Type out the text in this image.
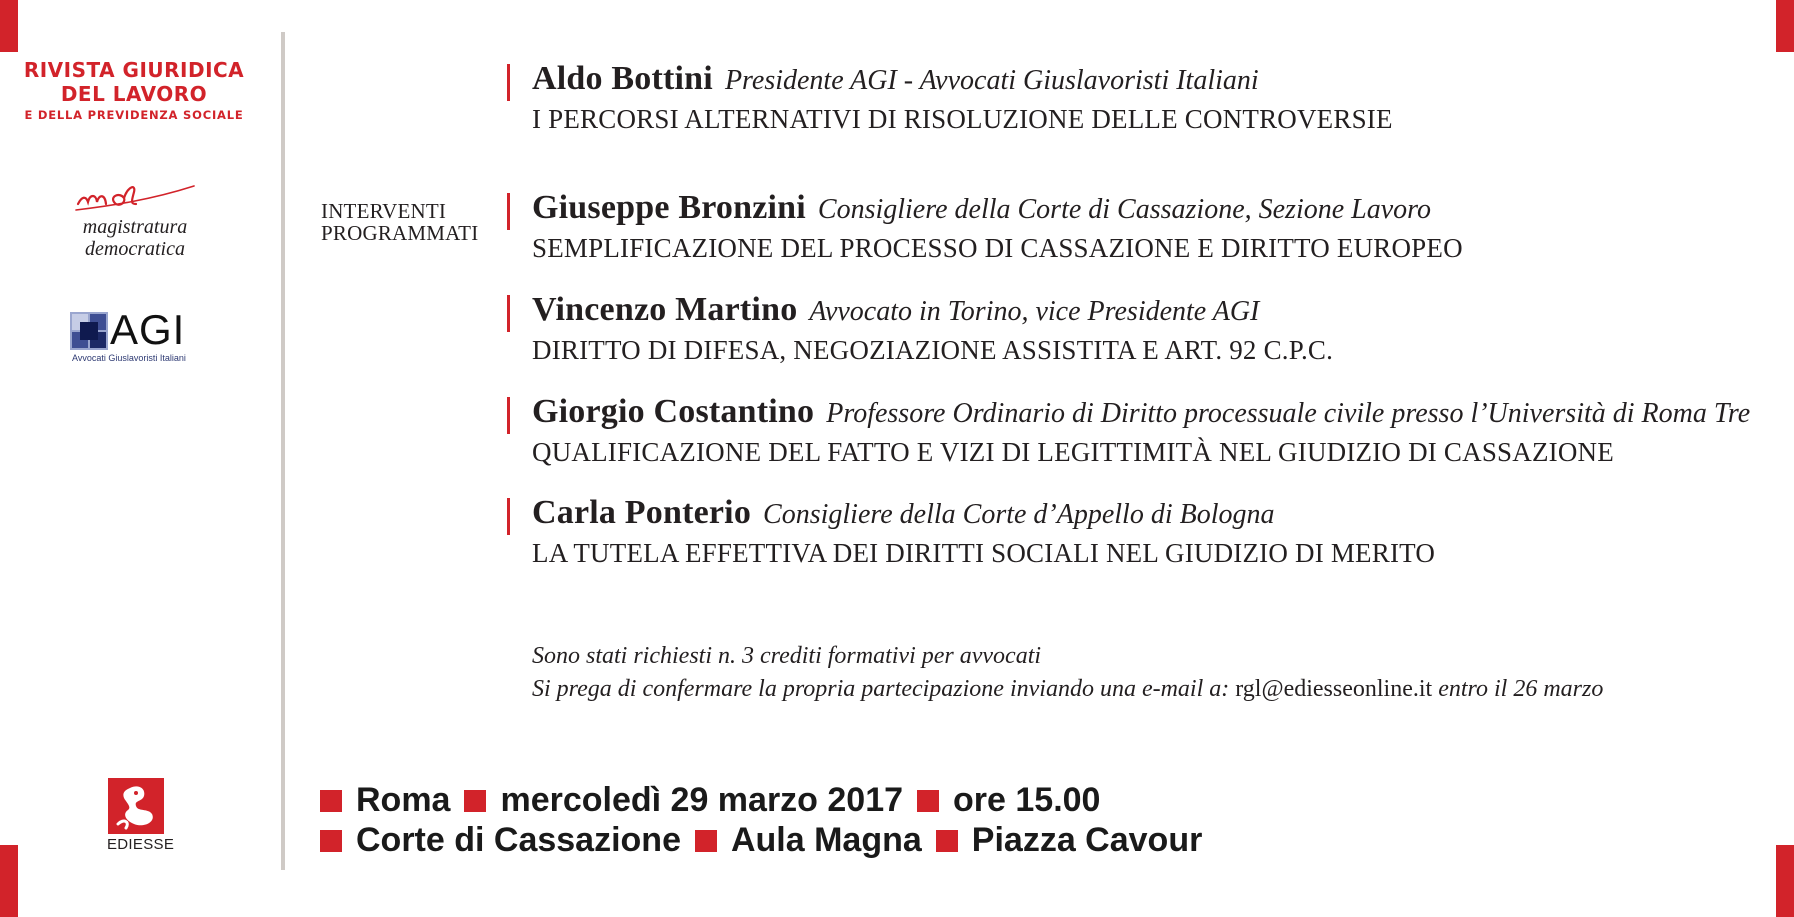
RIVISTA GIURIDICA
DEL LAVORO
E DELLA PREVIDENZA SOCIALE
magistratura
democratica
AGI
Avvocati Giuslavoristi Italiani
EDIESSE
INTERVENTI
PROGRAMMATI
Aldo Bottini Presidente AGI - Avvocati Giuslavoristi Italiani
I PERCORSI ALTERNATIVI DI RISOLUZIONE DELLE CONTROVERSIE
Giuseppe Bronzini Consigliere della Corte di Cassazione, Sezione Lavoro
SEMPLIFICAZIONE DEL PROCESSO DI CASSAZIONE E DIRITTO EUROPEO
Vincenzo Martino Avvocato in Torino, vice Presidente AGI
DIRITTO DI DIFESA, NEGOZIAZIONE ASSISTITA E ART. 92 C.P.C.
Giorgio Costantino Professore Ordinario di Diritto processuale civile presso l’Università di Roma Tre
QUALIFICAZIONE DEL FATTO E VIZI DI LEGITTIMITÀ NEL GIUDIZIO DI CASSAZIONE
Carla Ponterio Consigliere della Corte d’Appello di Bologna
LA TUTELA EFFETTIVA DEI DIRITTI SOCIALI NEL GIUDIZIO DI MERITO
Sono stati richiesti n. 3 crediti formativi per avvocati
Si prega di confermare la propria partecipazione inviando una e-mail a: rgl@ediesseonline.it entro il 26 marzo
Roma mercoledì 29 marzo 2017 ore 15.00
Corte di Cassazione Aula Magna Piazza Cavour
